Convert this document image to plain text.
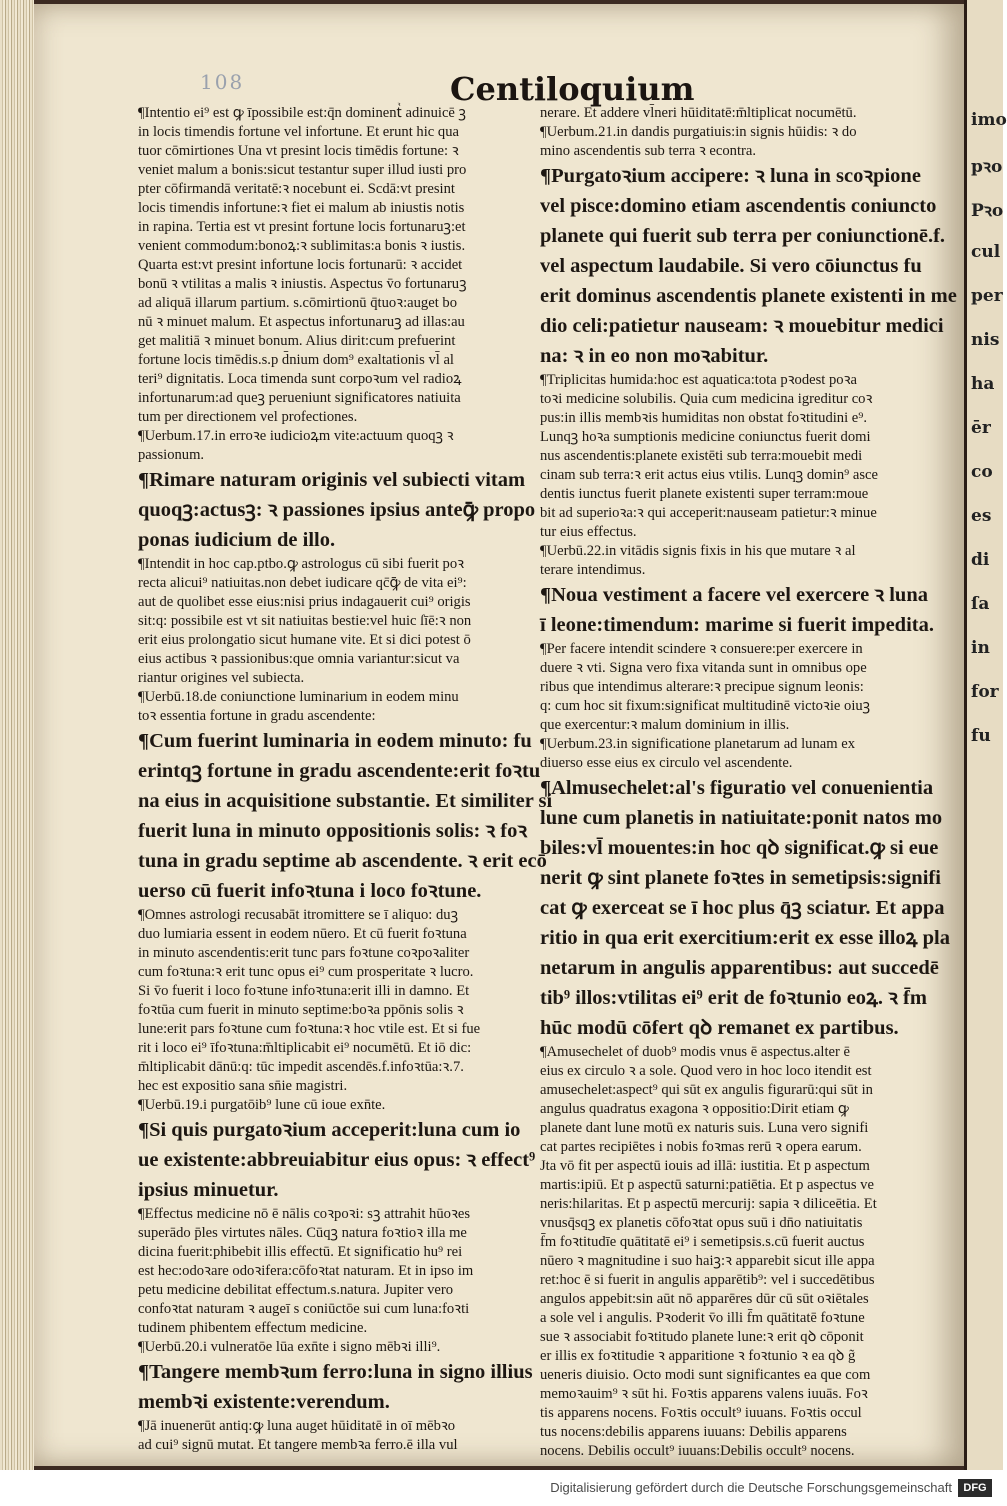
imo
pꝛo
Pꝛo
cul
per
nis
ha
ēr
co
es
di
ſa
in
for
fu
108	Centiloquium
¶Intentio ei⁹ est ꝙ īpossibile est:q̄n dominentᷣ adinuicē ꝫ
in locis timendis fortune vel infortune. Et erunt hic qua
tuor cōmirtiones Una vt presint locis timēdis fortune: ꝛ
veniet malum a bonis:sicut testantur super illud iusti pro
pter cōfirmandā veritatē:ꝛ nocebunt ei. Scdā:vt presint
locis timendis infortune:ꝛ fiet ei malum ab iniustis notis
in rapina. Tertia est vt presint fortune locis fortunaruꝫ:et
venient commodum:bonoꝝ:ꝛ sublimitas:a bonis ꝛ iustis.
Quarta est:vt presint infortune locis fortunarū: ꝛ accidet
bonū ꝛ vtilitas a malis ꝛ iniustis. Aspectus v̄o fortunaruꝫ
ad aliquā illarum partium. s.cōmirtionū q̄tuoꝛ:auget bo
nū ꝛ minuet malum. Et aspectus infortunaruꝫ ad illas:au
get malitiā ꝛ minuet bonum. Alius dirit:cum prefuerint
fortune locis timēdis.s.p d̄nium dom⁹ exaltationis vl̄ al
teri⁹ dignitatis. Loca timenda sunt corpoꝛum vel radioꝝ
infortunarum:ad queꝫ perueniunt significatores natiuita
tum per directionem vel profectiones.
¶Uerbum.17.in erroꝛe iudicioꝝm vite:actuum quoqꝫ ꝛ
passionum.
¶Rimare naturam originis vel subiecti vitam
quoqꝫ:actusꝫ: ꝛ passiones ipsius anteꝙ̄ propo
ponas iudicium de illo.
¶Intendit in hoc cap.ptbo.ꝙ astrologus cū sibi fuerit poꝛ
recta alicui⁹ natiuitas.non debet iudicare qc̄ꝙ̄ de vita ei⁹:
aut de quolibet esse eius:nisi prius indagauerit cui⁹ origis
sit:q: possibile est vt sit natiuitas bestie:vel huic ſīē:ꝛ non
erit eius prolongatio sicut humane vite. Et si dici potest ō
eius actibus ꝛ passionibus:que omnia variantur:sicut va
riantur origines vel subiecta.
¶Uerbū.18.de coniunctione luminarium in eodem minu
toꝛ essentia fortune in gradu ascendente:
¶Cum fuerint luminaria in eodem minuto: fu
erintqꝫ fortune in gradu ascendente:erit foꝛtu
na eius in acquisitione substantie. Et similiter si
fuerit luna in minuto oppositionis solis: ꝛ foꝛ
tuna in gradu septime ab ascendente. ꝛ erit ecō
uerso cū fuerit infoꝛtuna i loco foꝛtune.
¶Omnes astrologi recusabāt itromittere se ī aliquo: duꝫ
duo lumiaria essent in eodem nūero. Et cū fuerit foꝛtuna
in minuto ascendentis:erit tunc pars foꝛtune coꝛpoꝛaliter
cum foꝛtuna:ꝛ erit tunc opus ei⁹ cum prosperitate ꝛ lucro.
Si v̄o fuerit i loco foꝛtune infoꝛtuna:erit illi in damno. Et
foꝛtūa cum fuerit in minuto septime:boꝛa ppōnis solis ꝛ
lune:erit pars foꝛtune cum foꝛtuna:ꝛ hoc vtile est. Et si fue
rit i loco ei⁹ īfoꝛtuna:m̄ltiplicabit ei⁹ nocumētū. Et iō dic:
m̄ltiplicabit dānū:q: tūc impedit ascendēs.f.infoꝛtūa:ꝛ.7.
hec est expositio sana sn̄ie magistri.
¶Uerbū.19.i purgatōib⁹ lune cū ioue exn̄te.
¶Si quis purgatoꝛium acceperit:luna cum io
ue existente:abbreuiabitur eius opus: ꝛ effect⁹
ipsius minuetur.
¶Effectus medicine nō ē nālis coꝛpoꝛi: sꝫ attrahit hūoꝛes
superādo p̄les virtutes nāles. Cūqꝫ natura foꝛtioꝛ illa me
dicina fuerit:phibebit illis effectū. Et significatio hu⁹ rei
est hec:odoꝛare odoꝛifera:cōfoꝛtat naturam. Et in ipso im
petu medicine debilitat effectum.s.natura. Jupiter vero
confoꝛtat naturam ꝛ augeī s coniūctōe sui cum luna:foꝛti
tudinem phibentem effectum medicine.
¶Uerbū.20.i vulneratōe lūa exn̄te i signo mēbꝛi illi⁹.
¶Tangere membꝛum ferro:luna in signo illius
membꝛi existente:verendum.
¶Jā inuenerūt antiq:ꝙ luna auget hūiditatē in oī mēbꝛo
ad cui⁹ signū mutat. Et tangere membꝛa ferro.ē illa vul
nerare. Et addere vl̄neri hūiditatē:m̄ltiplicat nocumētū.
¶Uerbum.21.in dandis purgatiuis:in signis hūidis: ꝛ do
mino ascendentis sub terra ꝛ econtra.
¶Purgatoꝛium accipere: ꝛ luna in scoꝛpione
vel pisce:domino etiam ascendentis coniuncto
planete qui fuerit sub terra per coniunctionē.f.
vel aspectum laudabile. Si vero cōiunctus fu
erit dominus ascendentis planete existenti in me
dio celi:patietur nauseam: ꝛ mouebitur medici
na: ꝛ in eo non moꝛabitur.
¶Triplicitas humida:hoc est aquatica:tota pꝛodest poꝛa
toꝛi medicine solubilis. Quia cum medicina igreditur coꝛ
pus:in illis membꝛis humiditas non obstat foꝛtitudini e⁹.
Lunqꝫ hoꝛa sumptionis medicine coniunctus fuerit domi
nus ascendentis:planete existēti sub terra:mouebit medi
cinam sub terra:ꝛ erit actus eius vtilis. Lunqꝫ domin⁹ asce
dentis iunctus fuerit planete existenti super terram:moue
bit ad superioꝛa:ꝛ qui acceperit:nauseam patietur:ꝛ minue
tur eius effectus.
¶Uerbū.22.in vitādis signis fixis in his que mutare ꝛ al
terare intendimus.
¶Noua vestiment a facere vel exercere ꝛ luna
ī leone:timendum: marime si fuerit impedita.
¶Per facere intendit scindere ꝛ consuere:per exercere in
duere ꝛ vti. Signa vero fixa vitanda sunt in omnibus ope
ribus que intendimus alterare:ꝛ precipue signum leonis:
q: cum hoc sit fixum:significat multitudinē victoꝛie oiuꝫ
que exercentur:ꝛ malum dominium in illis.
¶Uerbum.23.in significatione planetarum ad lunam ex
diuerso esse eius ex circulo vel ascendente.
¶Almusechelet:al's figuratio vel conuenientia
lune cum planetis in natiuitate:ponit natos mo
biles:vl̄ mouentes:in hoc qꝺ significat.ꝙ si eue
nerit ꝙ sint planete foꝛtes in semetipsis:signifi
cat ꝙ exerceat se ī hoc plus q̄ꝫ sciatur. Et appa
ritio in qua erit exercitium:erit ex esse illoꝝ pla
netarum in angulis apparentibus: aut succedē
tib⁹ illos:vtilitas ei⁹ erit de foꝛtunio eoꝝ. ꝛ f̄m
hūc modū cōfert qꝺ remanet ex partibus.
¶Amusechelet of duob⁹ modis vnus ē aspectus.alter ē
eius ex circulo ꝛ a sole. Quod vero in hoc loco itendit est
amusechelet:aspect⁹ qui sūt ex angulis figurarū:qui sūt in
angulus quadratus exagona ꝛ oppositio:Dirit etiam ꝙ
planete dant lune motū ex naturis suis. Luna vero signifi
cat partes recipiētes i nobis foꝛmas rerū ꝛ opera earum.
Jta vō fit per aspectū iouis ad illā: iustitia. Et p aspectum
martis:ipiū. Et p aspectū saturni:patiētia. Et p aspectus ve
neris:hilaritas. Et p aspectū mercurij: sapia ꝛ diliceētia. Et
vnusq̄sqꝫ ex planetis cōfoꝛtat opus suū i dn̄o natiuitatis
f̄m foꝛtitudīe quātitatē ei⁹ i semetipsis.s.cū fuerit auctus
nūero ꝛ magnitudine i suo haiꝫ:ꝛ apparebit sicut ille appa
ret:hoc ē si fuerit in angulis apparētib⁹: vel i succedētibus
angulos appebit:sin aūt nō apparēres dūr cū sūt oꝛiētales
a sole vel i angulis. Pꝛoderit v̄o illi f̄m quātitatē foꝛtune
sue ꝛ associabit foꝛtitudo planete lune:ꝛ erit qꝺ cōponit
er illis ex foꝛtitudie ꝛ apparitione ꝛ foꝛtunio ꝛ ea qꝺ g̃
ueneris diuisio. Octo modi sunt significantes ea que com
memoꝛauim⁹ ꝛ sūt hi. Foꝛtis apparens valens iuuās. Foꝛ
tis apparens nocens. Foꝛtis occult⁹ iuuans. Foꝛtis occul
tus nocens:debilis apparens iuuans: Debilis apparens
nocens. Debilis occult⁹ iuuans:Debilis occult⁹ nocens.
Digitalisierung gefördert durch die Deutsche Forschungsgemeinschaft	DFG
